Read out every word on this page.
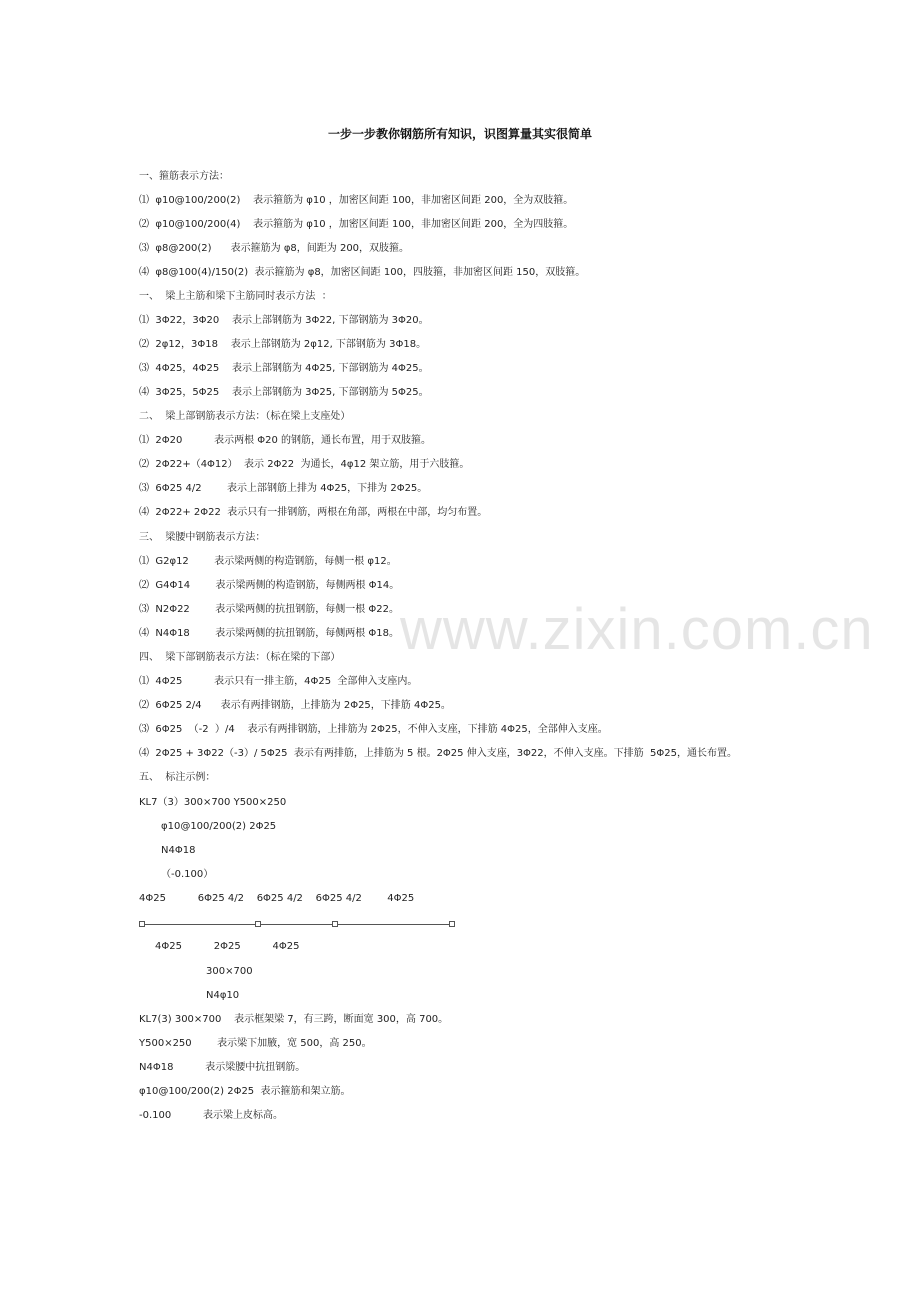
一步一步教你钢筋所有知识，识图算量其实很简单
一、箍筋表示方法：
⑴  φ10@100/200(2)    表示箍筋为 φ10 ，加密区间距 100，非加密区间距 200，全为双肢箍。
⑵  φ10@100/200(4)    表示箍筋为 φ10 ，加密区间距 100，非加密区间距 200，全为四肢箍。
⑶  φ8@200(2)      表示箍筋为 φ8，间距为 200，双肢箍。
⑷  φ8@100(4)/150(2)  表示箍筋为 φ8，加密区间距 100，四肢箍，非加密区间距 150，双肢箍。
一、  梁上主筋和梁下主筋同时表示方法  ：
⑴  3Φ22，3Φ20    表示上部钢筋为 3Φ22, 下部钢筋为 3Φ20。
⑵  2φ12，3Φ18    表示上部钢筋为 2φ12, 下部钢筋为 3Φ18。
⑶  4Φ25，4Φ25    表示上部钢筋为 4Φ25, 下部钢筋为 4Φ25。
⑷  3Φ25，5Φ25    表示上部钢筋为 3Φ25, 下部钢筋为 5Φ25。
二、  梁上部钢筋表示方法：（标在梁上支座处）
⑴  2Φ20          表示两根 Φ20 的钢筋，通长布置，用于双肢箍。
⑵  2Φ22+（4Φ12）  表示 2Φ22  为通长，4φ12 架立筋，用于六肢箍。
⑶  6Φ25 4/2        表示上部钢筋上排为 4Φ25，下排为 2Φ25。
⑷  2Φ22+ 2Φ22  表示只有一排钢筋，两根在角部，两根在中部，均匀布置。
三、  梁腰中钢筋表示方法：
⑴  G2φ12        表示梁两侧的构造钢筋，每侧一根 φ12。
⑵  G4Φ14        表示梁两侧的构造钢筋，每侧两根 Φ14。
⑶  N2Φ22        表示梁两侧的抗扭钢筋，每侧一根 Φ22。
⑷  N4Φ18        表示梁两侧的抗扭钢筋，每侧两根 Φ18。 www.zixin.com.cn
四、  梁下部钢筋表示方法：（标在梁的下部）
⑴  4Φ25          表示只有一排主筋，4Φ25  全部伸入支座内。
⑵  6Φ25 2/4      表示有两排钢筋，上排筋为 2Φ25，下排筋 4Φ25。
⑶  6Φ25  （-2  ）/4    表示有两排钢筋，上排筋为 2Φ25，不伸入支座，下排筋 4Φ25，全部伸入支座。
⑷  2Φ25 + 3Φ22（-3）/ 5Φ25  表示有两排筋，上排筋为 5 根。2Φ25 伸入支座，3Φ22，不伸入支座。下排筋  5Φ25，通长布置。
五、  标注示例：
KL7（3）300×700 Y500×250
φ10@100/200(2) 2Φ25
N4Φ18
（-0.100）
4Φ25          6Φ25 4/2    6Φ25 4/2    6Φ25 4/2        4Φ25
4Φ25          2Φ25          4Φ25
300×700
N4φ10
KL7(3) 300×700    表示框架梁 7，有三跨，断面宽 300，高 700。
Y500×250        表示梁下加腋，宽 500，高 250。
N4Φ18          表示梁腰中抗扭钢筋。
φ10@100/200(2) 2Φ25  表示箍筋和架立筋。
-0.100          表示梁上皮标高。
